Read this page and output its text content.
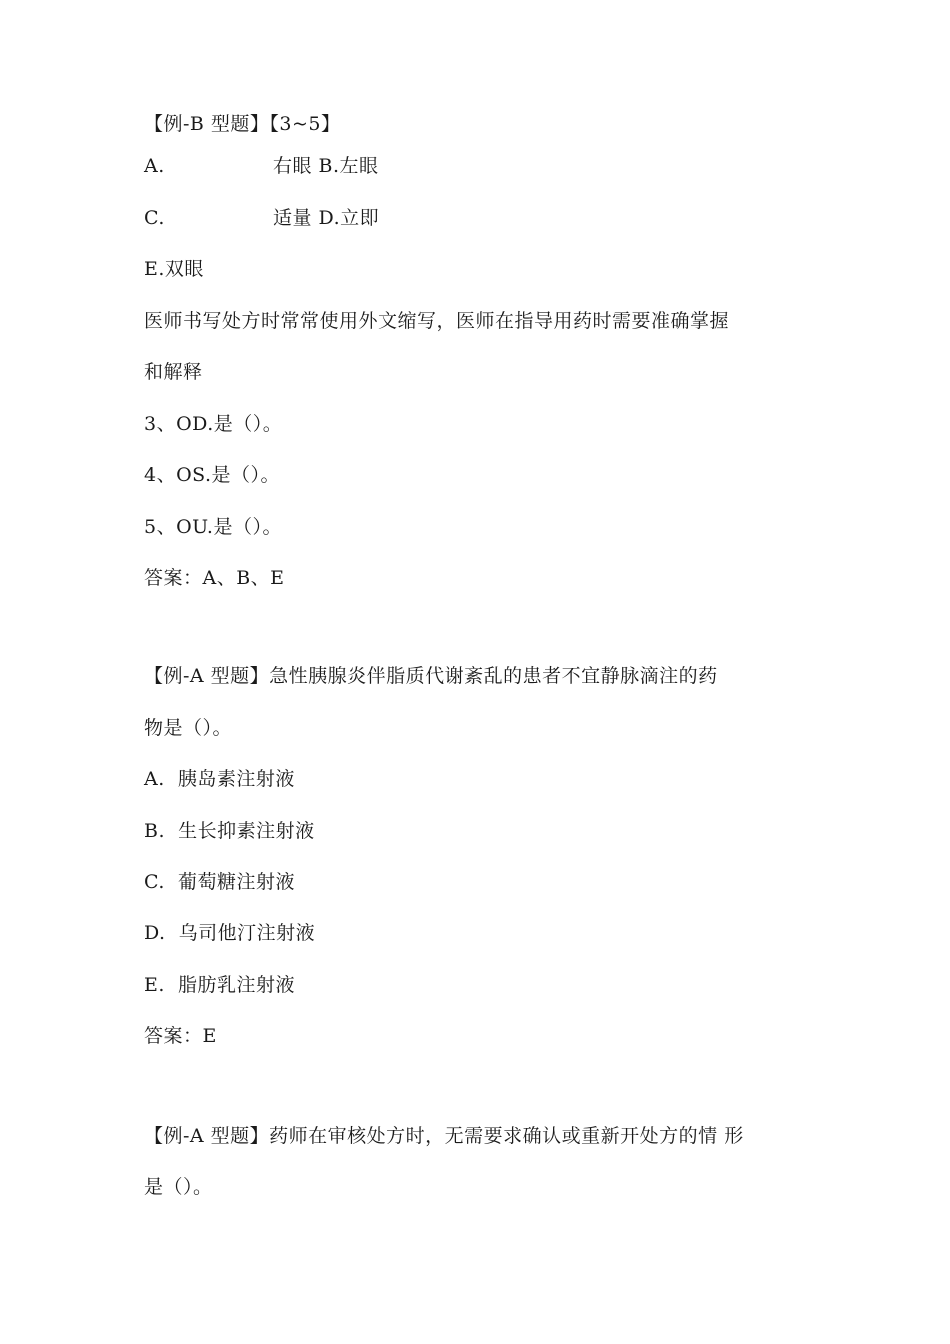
【例-B 型题】【3~5】
A.	右眼 B.左眼
C.	适量 D.立即
E.双眼
医师书写处方时常常使用外文缩写，医师在指导用药时需要准确掌握
和解释
3、OD.是（）。
4、OS.是（）。
5、OU.是（）。
答案：A、B、E
【例-A 型题】急性胰腺炎伴脂质代谢紊乱的患者不宜静脉滴注的药
物是（）。
A.  胰岛素注射液
B.  生长抑素注射液
C.  葡萄糖注射液
D.  乌司他汀注射液
E.  脂肪乳注射液
答案：E
【例-A 型题】药师在审核处方时，无需要求确认或重新开处方的情 形
是（）。
